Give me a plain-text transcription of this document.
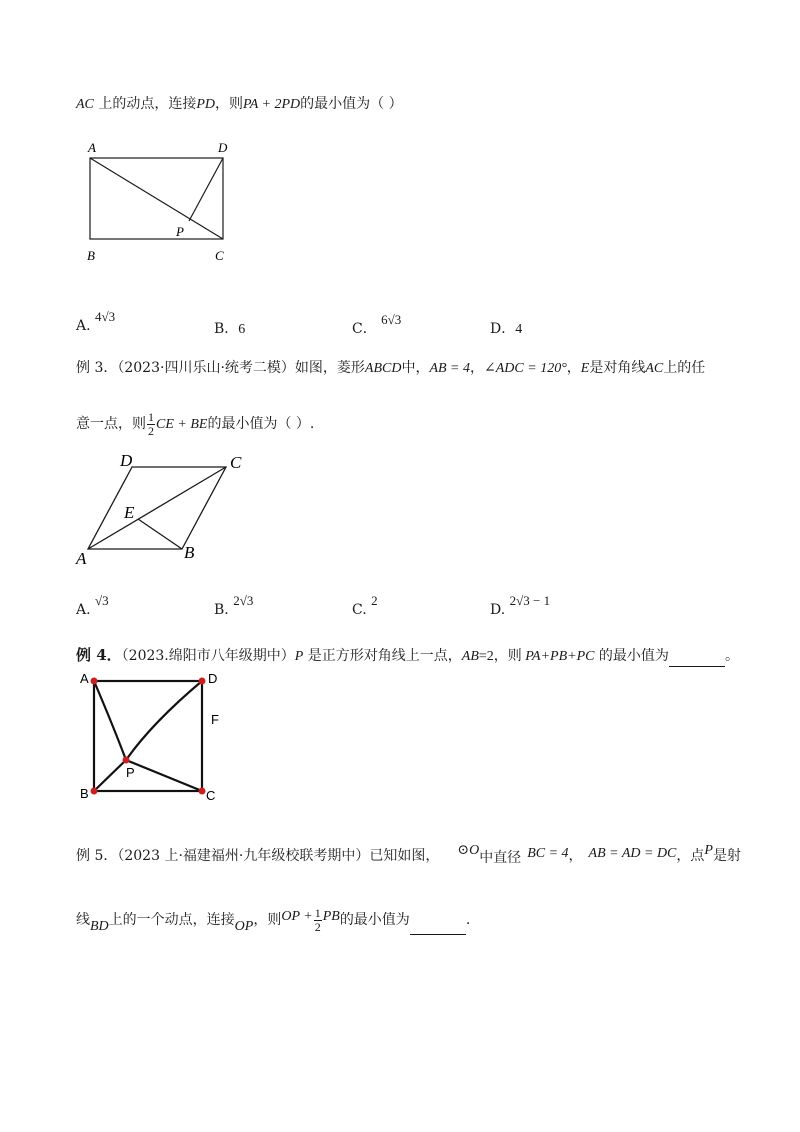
AC 上的动点，连接PD，则PA + 2PD的最小值为（ ）
A	D
B	C
P
A. 4√3
B．6	C． 6√3
D．4
例 3．（2023·四川乐山·统考二模）如图，菱形ABCD中，AB = 4，∠ADC = 120°，E是对角线AC上的任
意一点，则 $\frac{1}{2}$ CE + BE的最小值为（ ）.
A	B
C
D
E
A. √3
B. 2√3
C. 2
D. 2√3 − 1
例 4．（2023.绵阳市八年级期中）P 是正方形对角线上一点，AB=2，则 PA+PB+PC 的最小值为	。
A	D
F
P
B	C
例 5．（2023 上·福建福州·九年级校联考期中）已知如图， ⊙O中直径 BC = 4， AB = AD = DC，点P是射
线BD上的一个动点，连接OP，则OP + $\frac{1}{2}$ PB的最小值为	.
